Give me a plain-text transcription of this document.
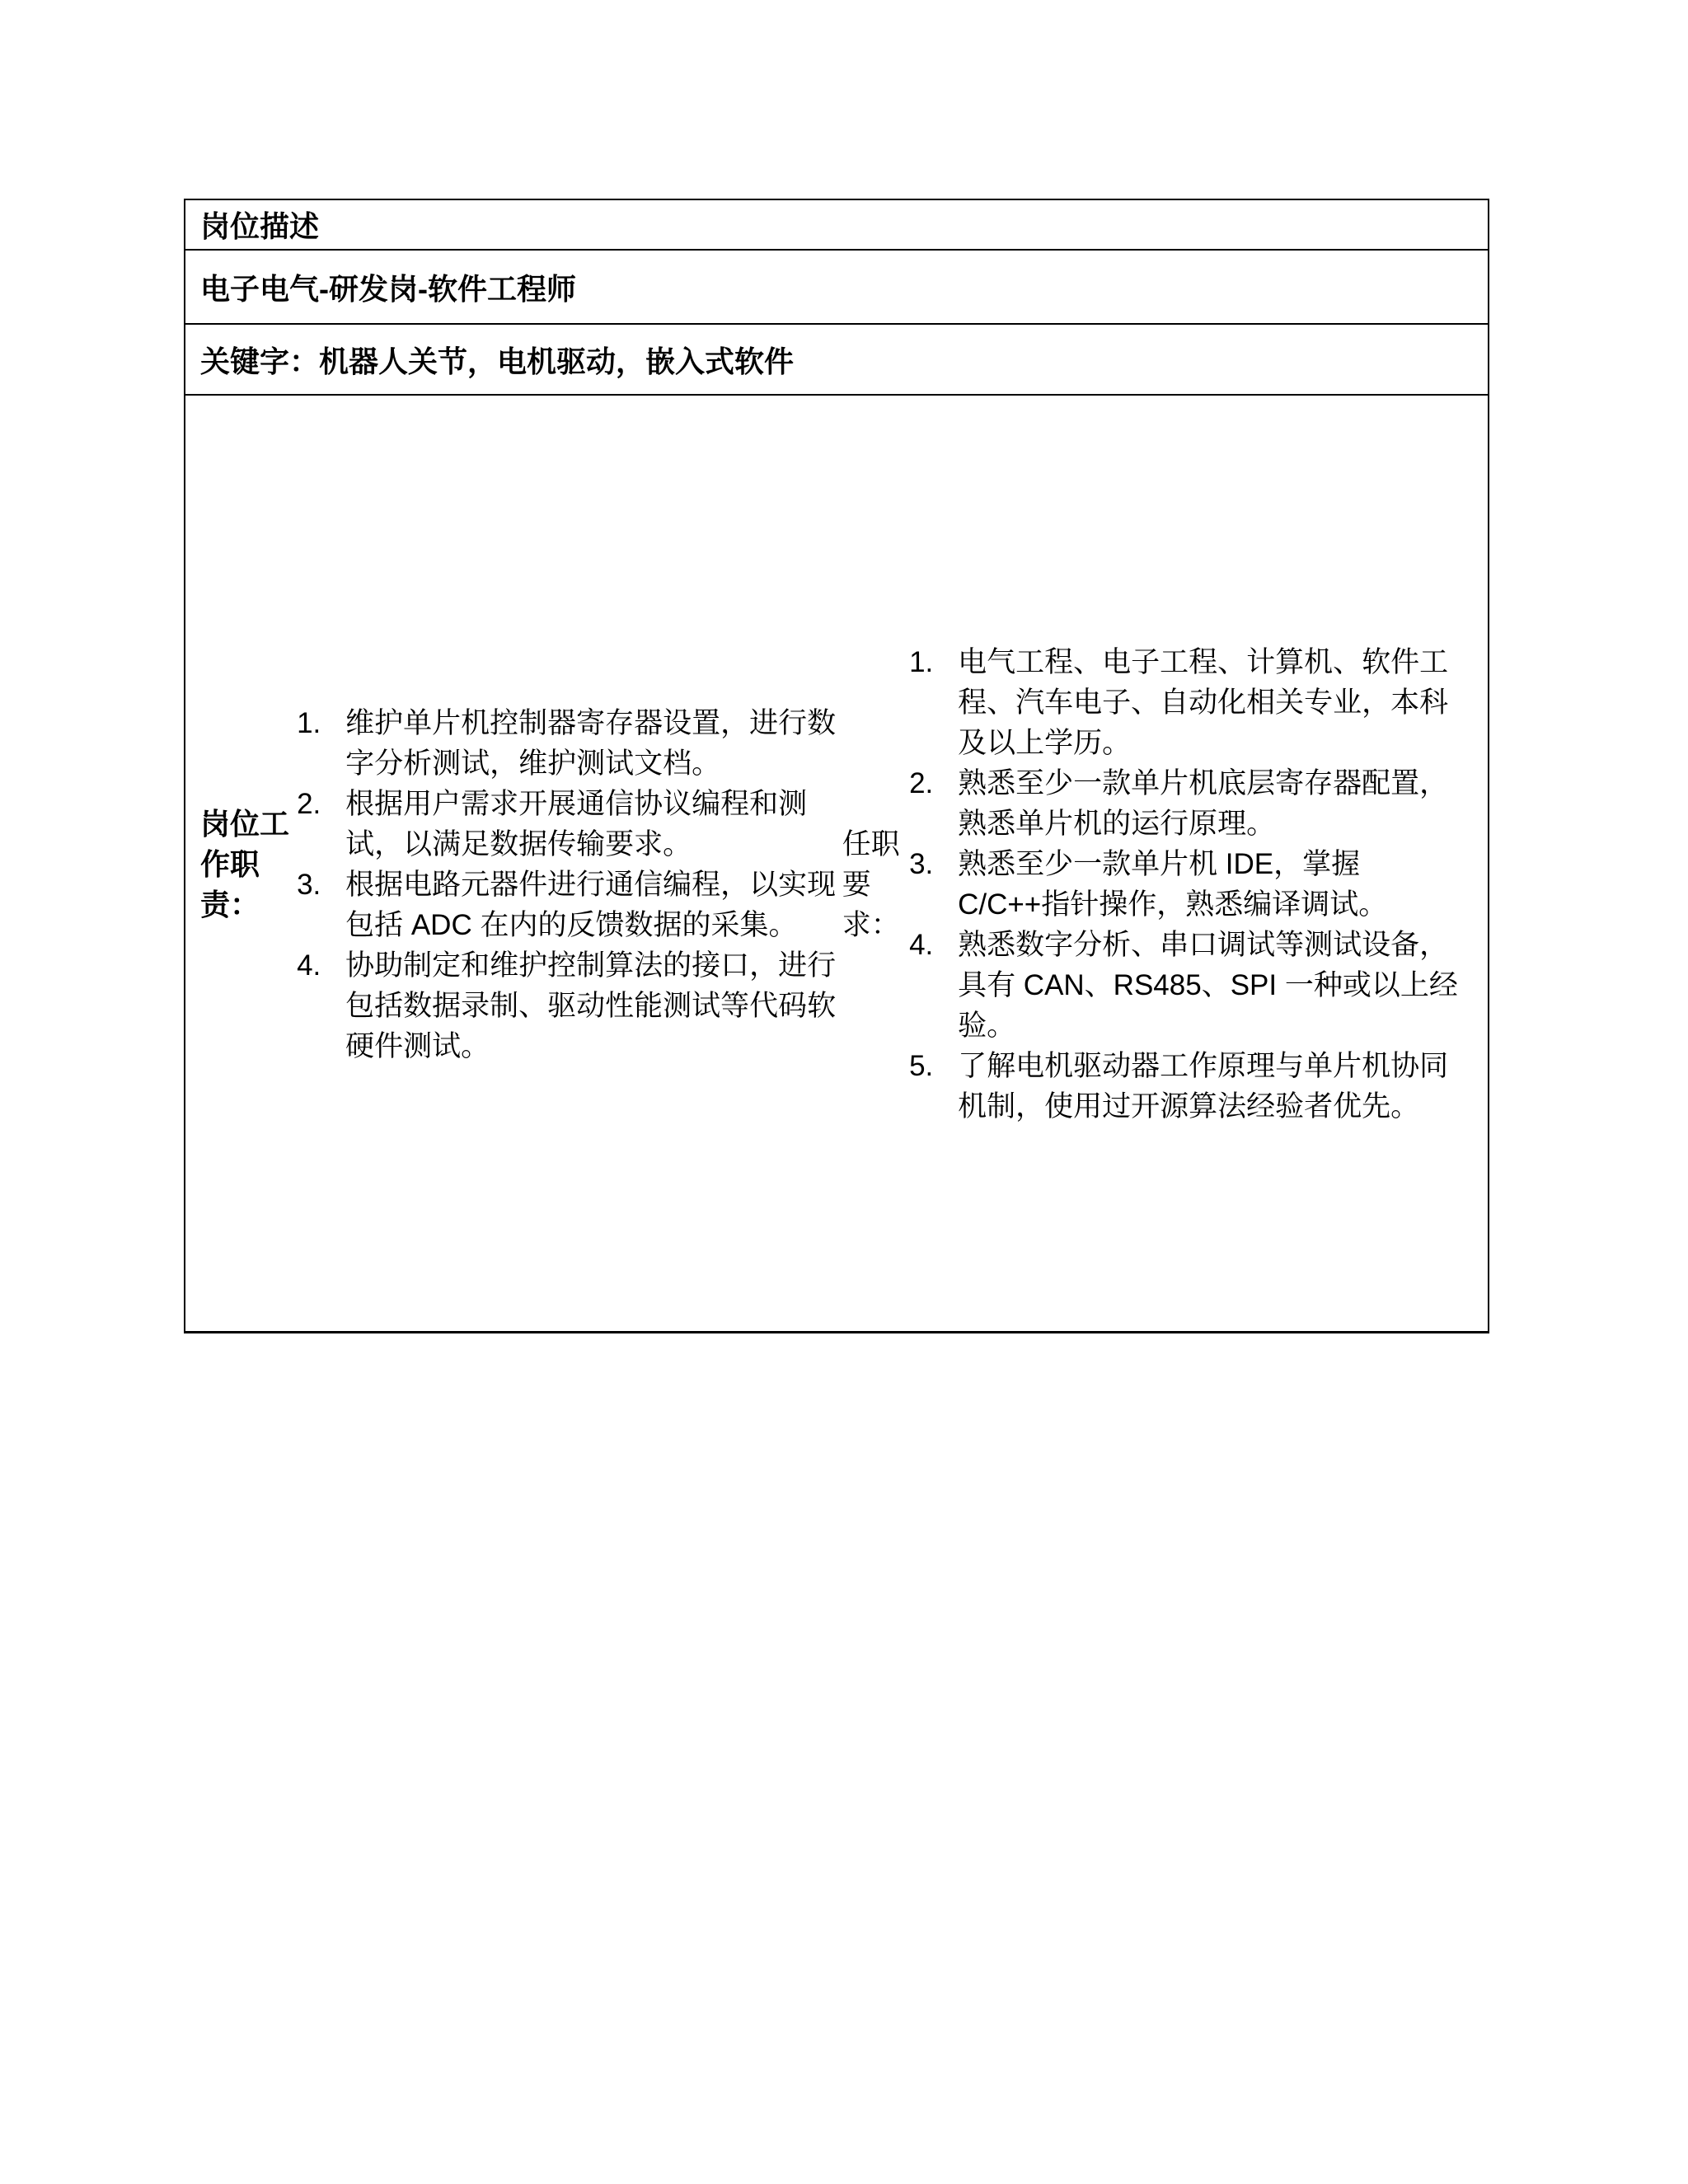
岗位描述
电子电气-研发岗-软件工程师
关键字：机器人关节，电机驱动，嵌入式软件

岗位工作职责：

1. 维护单片机控制器寄存器设置，进行数字分析测试，维护测试文档。
2. 根据用户需求开展通信协议编程和测试，以满足数据传输要求。
3. 根据电路元器件进行通信编程，以实现包括 ADC 在内的反馈数据的采集。
4. 协助制定和维护控制算法的接口，进行包括数据录制、驱动性能测试等代码软硬件测试。

任职要求：

1. 电气工程、电子工程、计算机、软件工程、汽车电子、自动化相关专业，本科及以上学历。
2. 熟悉至少一款单片机底层寄存器配置，熟悉单片机的运行原理。
3. 熟悉至少一款单片机 IDE，掌握 C/C++指针操作，熟悉编译调试。
4. 熟悉数字分析、串口调试等测试设备，具有 CAN、RS485、SPI 一种或以上经验。
5. 了解电机驱动器工作原理与单片机协同机制，使用过开源算法经验者优先。
